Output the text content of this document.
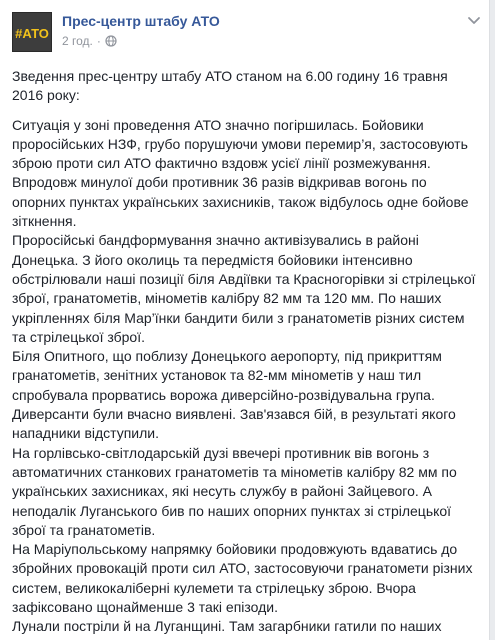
#АТО
Прес-центр штабу АТО
2 год. ·

Зведення прес-центру штабу АТО станом на 6.00 годину 16 травня 2016 року:

Ситуація у зоні проведення АТО значно погіршилась. Бойовики проросійських НЗФ, грубо порушуючи умови перемир’я, застосовують зброю проти сил АТО фактично вздовж усієї лінії розмежування.

Впродовж минулої доби противник 36 разів відкривав вогонь по опорних пунктах українських захисників, також відбулось одне бойове зіткнення.

Проросійські бандформування значно активізувались в районі Донецька. З його околиць та передмістя бойовики інтенсивно обстрілювали наші позиції біля Авдіївки та Красногорівки зі стрілецької зброї, гранатометів, мінометів калібру 82 мм та 120 мм. По наших укріпленнях біля Мар’їнки бандити били з гранатометів різних систем та стрілецької зброї.

Біля Опитного, що поблизу Донецького аеропорту, під прикриттям гранатометів, зенітних установок та 82-мм мінометів у наш тил спробувала прорватись ворожа диверсійно-розвідувальна група. Диверсанти були вчасно виявлені. Зав'язався бій, в результаті якого нападники відступили.

На горлівсько-світлодарській дузі ввечері противник вів вогонь з автоматичних станкових гранатометів та мінометів калібру 82 мм по українських захисниках, які несуть службу в районі Зайцевого. А неподалік Луганського бив по наших опорних пунктах зі стрілецької зброї та гранатометів.

На Маріупольському напрямку бойовики продовжують вдаватись до збройних провокацій проти сил АТО, застосовуючи гранатомети різних систем, великокаліберні кулемети та стрілецьку зброю. Вчора зафіксовано щонайменше 3 такі епізоди.

Лунали постріли й на Луганщині. Там загарбники гатили по наших
